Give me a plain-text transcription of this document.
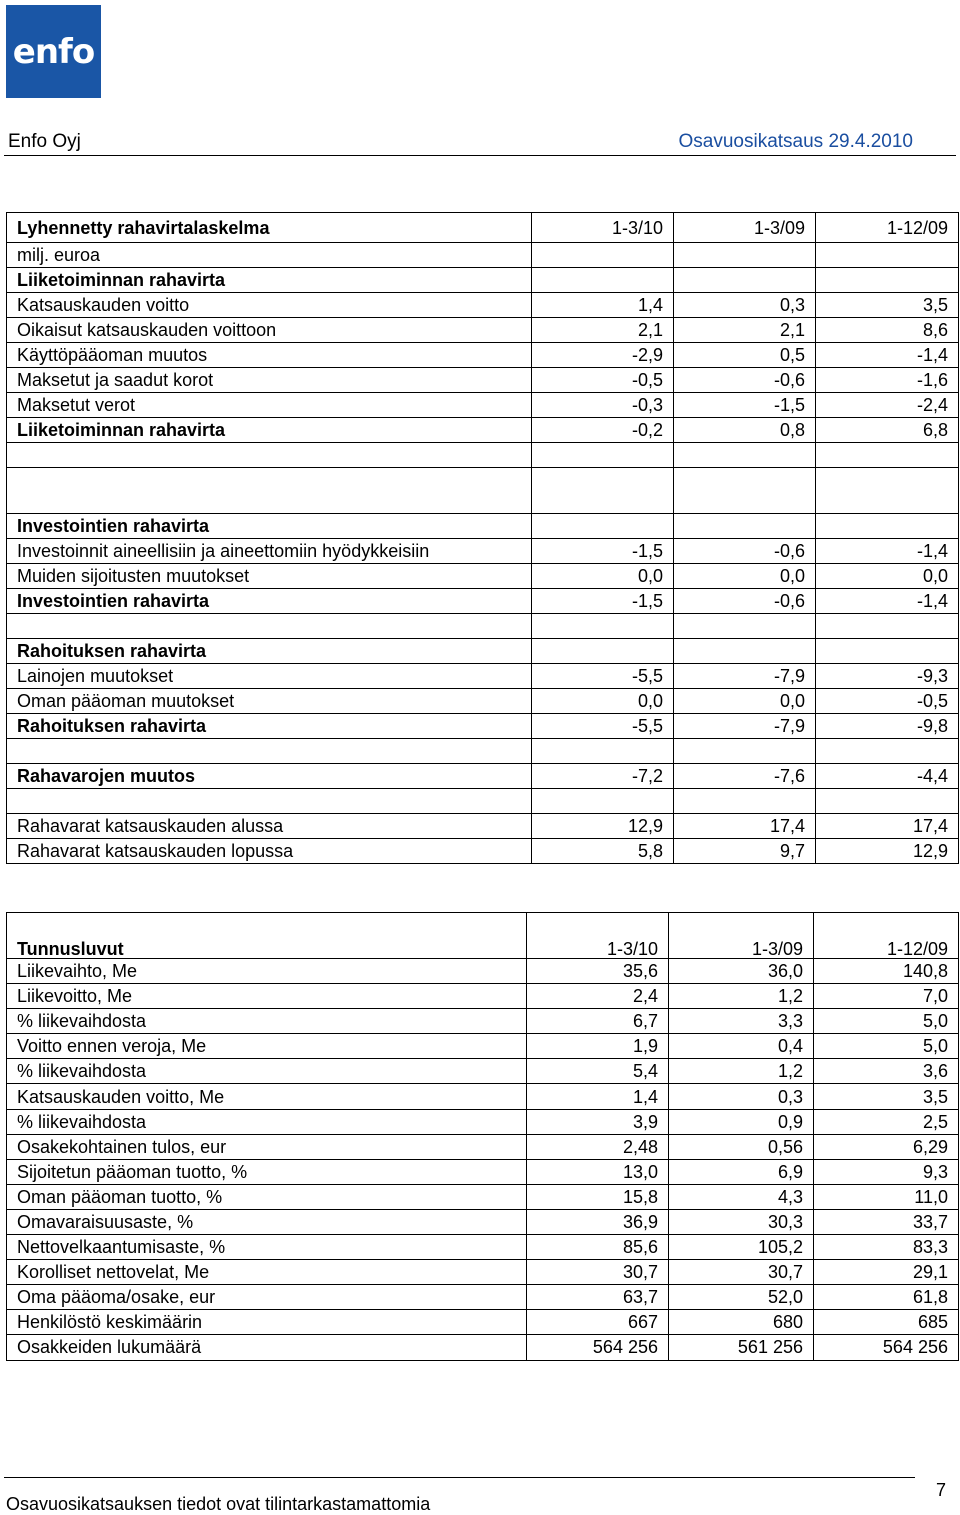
enfo
Enfo Oyj	Osavuosikatsaus 29.4.2010
Lyhennetty rahavirtalaskelma	1-3/10	1-3/09	1-12/09
milj. euroa			
Liiketoiminnan rahavirta			
Katsauskauden voitto	1,4	0,3	3,5
Oikaisut katsauskauden voittoon	2,1	2,1	8,6
Käyttöpääoman muutos	-2,9	0,5	-1,4
Maksetut ja saadut korot	-0,5	-0,6	-1,6
Maksetut verot	-0,3	-1,5	-2,4
Liiketoiminnan rahavirta	-0,2	0,8	6,8

Investointien rahavirta			
Investoinnit aineellisiin ja aineettomiin hyödykkeisiin	-1,5	-0,6	-1,4
Muiden sijoitusten muutokset	0,0	0,0	0,0
Investointien rahavirta	-1,5	-0,6	-1,4

Rahoituksen rahavirta			
Lainojen muutokset	-5,5	-7,9	-9,3
Oman pääoman muutokset	0,0	0,0	-0,5
Rahoituksen rahavirta	-5,5	-7,9	-9,8

Rahavarojen muutos	-7,2	-7,6	-4,4

Rahavarat katsauskauden alussa	12,9	17,4	17,4
Rahavarat katsauskauden lopussa	5,8	9,7	12,9
Tunnusluvut	1-3/10	1-3/09	1-12/09
Liikevaihto, Me	35,6	36,0	140,8
Liikevoitto, Me	2,4	1,2	7,0
% liikevaihdosta	6,7	3,3	5,0
Voitto ennen veroja, Me	1,9	0,4	5,0
% liikevaihdosta	5,4	1,2	3,6
Katsauskauden voitto, Me	1,4	0,3	3,5
% liikevaihdosta	3,9	0,9	2,5
Osakekohtainen tulos, eur	2,48	0,56	6,29
Sijoitetun pääoman tuotto, %	13,0	6,9	9,3
Oman pääoman tuotto, %	15,8	4,3	11,0
Omavaraisuusaste, %	36,9	30,3	33,7
Nettovelkaantumisaste, %	85,6	105,2	83,3
Korolliset nettovelat, Me	30,7	30,7	29,1
Oma pääoma/osake, eur	63,7	52,0	61,8
Henkilöstö keskimäärin	667	680	685
Osakkeiden lukumäärä	564 256	561 256	564 256
Osavuosikatsauksen tiedot ovat tilintarkastamattomia
7
